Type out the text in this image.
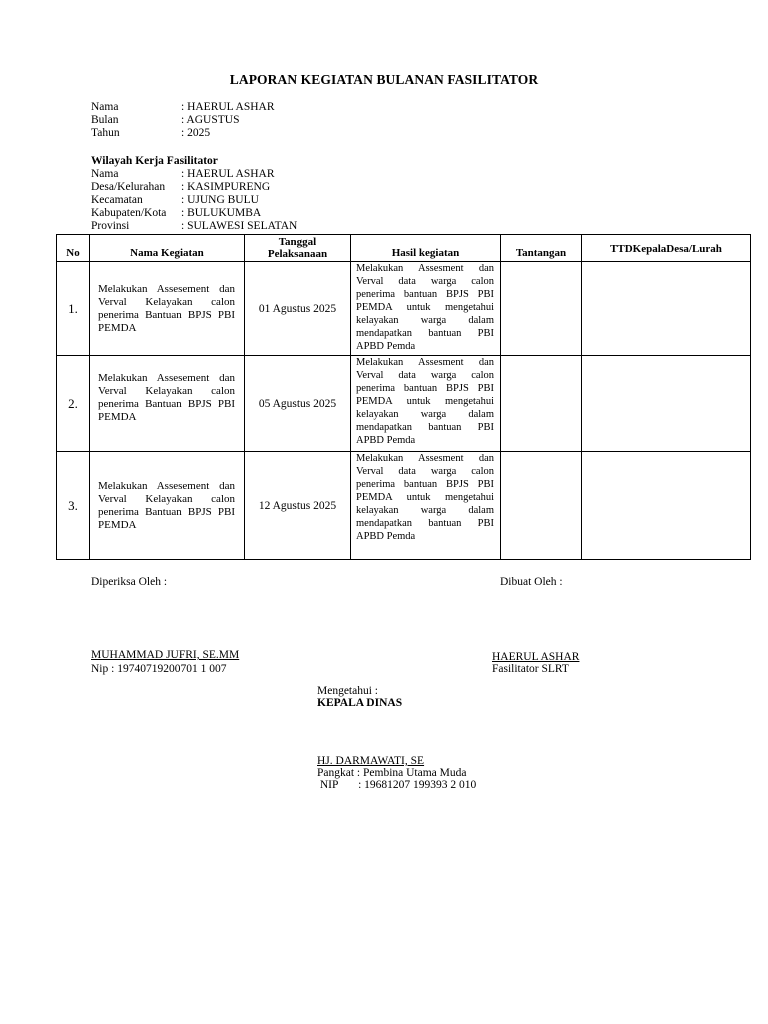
LAPORAN KEGIATAN BULANAN FASILITATOR
Nama	: HAERUL ASHAR
Bulan	: AGUSTUS
Tahun	: 2025
Wilayah Kerja Fasilitator
Nama	: HAERUL ASHAR
Desa/Kelurahan	: KASIMPURENG
Kecamatan	: UJUNG BULU
Kabupaten/Kota	: BULUKUMBA
Provinsi	: SULAWESI SELATAN
No	Nama Kegiatan	Tanggal
Pelaksanaan	Hasil kegiatan	Tantangan	TTDKepalaDesa/Lurah

1.	Melakukan Assesement dan Verval Kelayakan calon penerima Bantuan BPJS PBI PEMDA	01 Agustus 2025	Melakukan Assesment dan Verval data warga calon penerima bantuan BPJS PBI PEMDA untuk mengetahui kelayakan warga dalam mendapatkan bantuan PBI APBD Pemda		

2.	Melakukan Assesement dan Verval Kelayakan calon penerima Bantuan BPJS PBI PEMDA	05 Agustus 2025	Melakukan Assesment dan Verval data warga calon penerima bantuan BPJS PBI PEMDA untuk mengetahui kelayakan warga dalam mendapatkan bantuan PBI APBD Pemda		

3.	Melakukan Assesement dan Verval Kelayakan calon penerima Bantuan BPJS PBI PEMDA	12 Agustus 2025	Melakukan Assesment dan Verval data warga calon penerima bantuan BPJS PBI PEMDA untuk mengetahui kelayakan warga dalam mendapatkan bantuan PBI APBD Pemda		

Diperiksa Oleh :
MUHAMMAD JUFRI, SE.MM
Nip : 19740719200701 1 007
Dibuat Oleh :
HAERUL ASHAR
Fasilitator SLRT
Mengetahui :
KEPALA DINAS
HJ. DARMAWATI, SE
Pangkat : Pembina Utama Muda
NIP       : 19681207 199393 2 010
